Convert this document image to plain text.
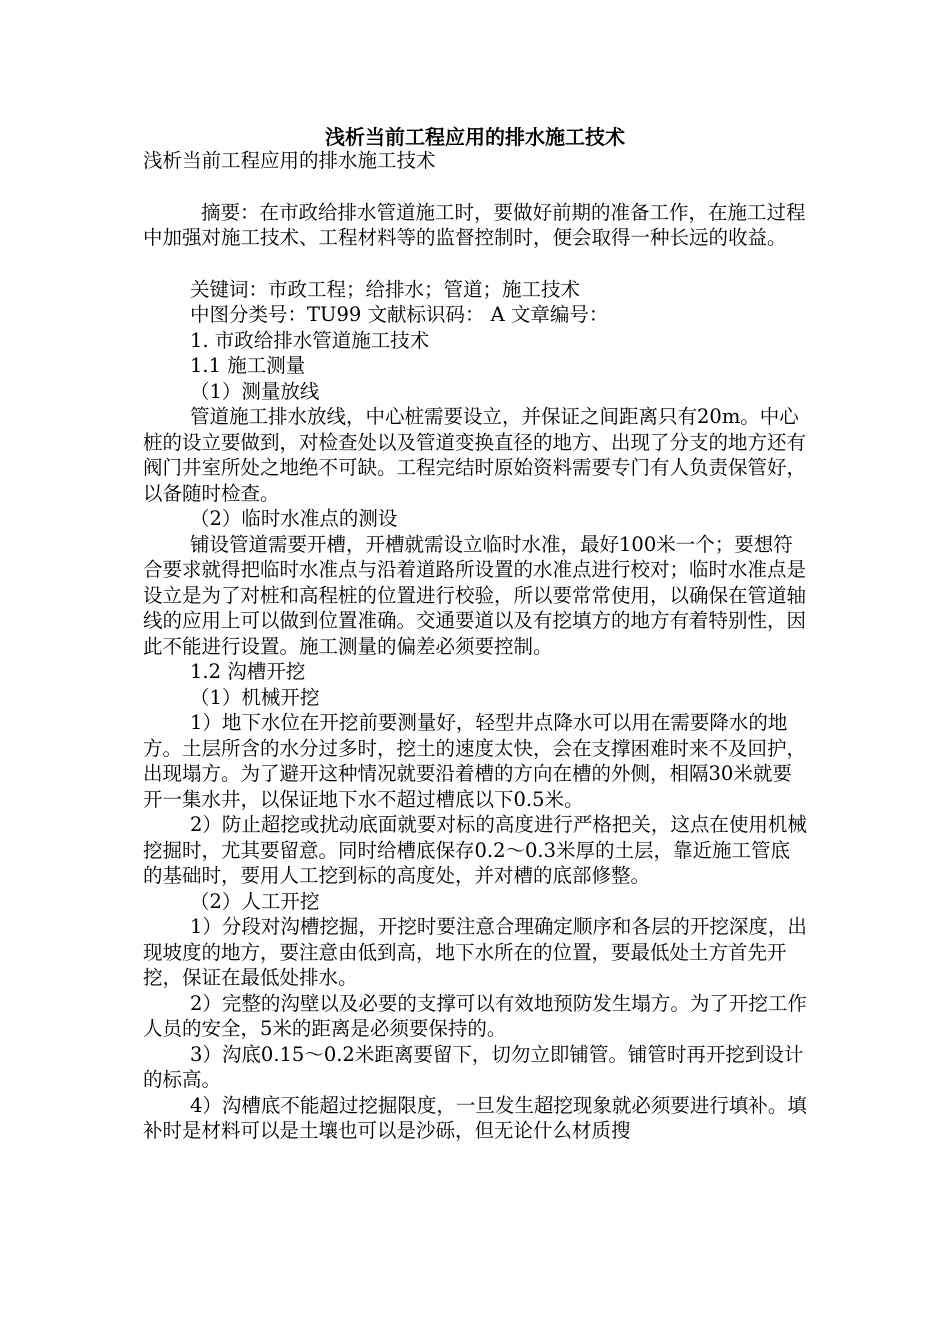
浅析当前工程应用的排水施工技术

浅析当前工程应用的排水施工技术

摘要：在市政给排水管道施工时，要做好前期的准备工作，在施工过程中加强对施工技术、工程材料等的监督控制时，便会取得一种长远的收益。

关键词：市政工程；给排水；管道；施工技术

中图分类号：TU99 文献标识码： A 文章编号：

1. 市政给排水管道施工技术

1.1 施工测量

（1）测量放线

管道施工排水放线，中心桩需要设立，并保证之间距离只有20m。中心桩的设立要做到，对检查处以及管道变换直径的地方、出现了分支的地方还有阀门井室所处之地绝不可缺。工程完结时原始资料需要专门有人负责保管好，以备随时检查。

（2）临时水准点的测设

铺设管道需要开槽，开槽就需设立临时水准，最好100米一个；要想符合要求就得把临时水准点与沿着道路所设置的水准点进行校对；临时水准点是设立是为了对桩和高程桩的位置进行校验，所以要常常使用，以确保在管道轴线的应用上可以做到位置准确。交通要道以及有挖填方的地方有着特别性，因此不能进行设置。施工测量的偏差必须要控制。

1.2 沟槽开挖

（1）机械开挖

1）地下水位在开挖前要测量好，轻型井点降水可以用在需要降水的地方。土层所含的水分过多时，挖土的速度太快，会在支撑困难时来不及回护，出现塌方。为了避开这种情况就要沿着槽的方向在槽的外侧，相隔30米就要开一集水井，以保证地下水不超过槽底以下0.5米。

2）防止超挖或扰动底面就要对标的高度进行严格把关，这点在使用机械挖掘时，尤其要留意。同时给槽底保存0.2～0.3米厚的土层，靠近施工管底的基础时，要用人工挖到标的高度处，并对槽的底部修整。

（2）人工开挖

1）分段对沟槽挖掘，开挖时要注意合理确定顺序和各层的开挖深度，出现坡度的地方，要注意由低到高，地下水所在的位置，要最低处土方首先开挖，保证在最低处排水。

2）完整的沟壁以及必要的支撑可以有效地预防发生塌方。为了开挖工作人员的安全，5米的距离是必须要保持的。

3）沟底0.15～0.2米距离要留下，切勿立即铺管。铺管时再开挖到设计的标高。

4）沟槽底不能超过挖掘限度，一旦发生超挖现象就必须要进行填补。填补时是材料可以是土壤也可以是沙砾，但无论什么材质搜
